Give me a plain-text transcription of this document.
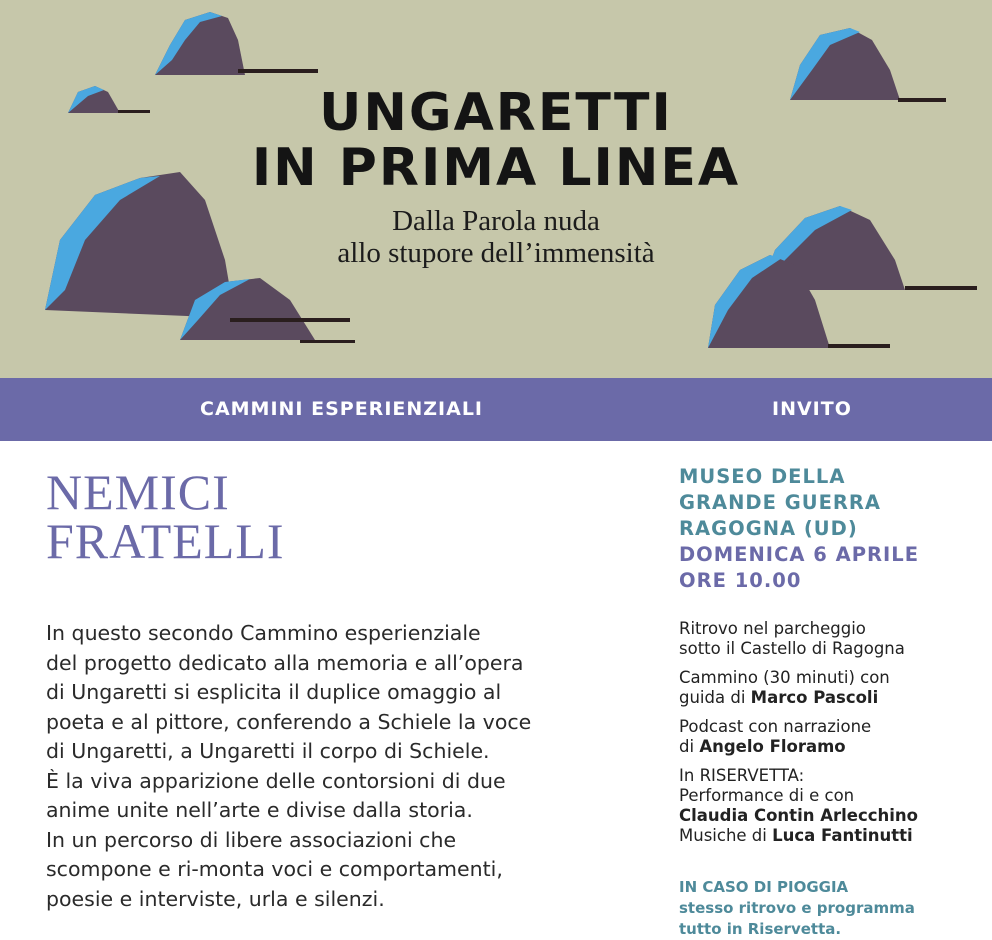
UNGARETTI
IN PRIMA LINEA
Dalla Parola nuda
allo stupore dell’immensità
CAMMINI ESPERIENZIALI	INVITO
NEMICI
FRATELLI
In questo secondo Cammino esperienziale
del progetto dedicato alla memoria e all’opera
di Ungaretti si esplicita il duplice omaggio al
poeta e al pittore, conferendo a Schiele la voce
di Ungaretti, a Ungaretti il corpo di Schiele.
È la viva apparizione delle contorsioni di due
anime unite nell’arte e divise dalla storia.
In un percorso di libere associazioni che
scompone e ri-monta voci e comportamenti,
poesie e interviste, urla e silenzi.
MUSEO DELLA
GRANDE GUERRA
RAGOGNA (UD)
DOMENICA 6 APRILE
ORE 10.00
Ritrovo nel parcheggio
sotto il Castello di Ragogna
Cammino (30 minuti) con
guida di Marco Pascoli
Podcast con narrazione
di Angelo Floramo
In RISERVETTA:
Performance di e con
Claudia Contin Arlecchino
Musiche di Luca Fantinutti
IN CASO DI PIOGGIA
stesso ritrovo e programma
tutto in Riservetta.
